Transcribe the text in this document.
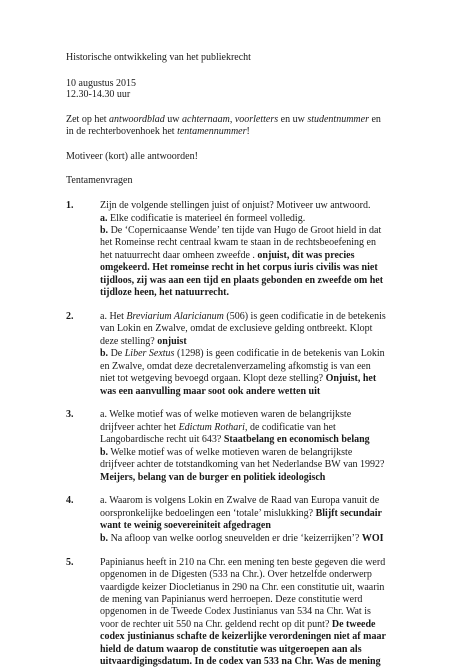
Historische ontwikkeling van het publiekrecht
10 augustus 2015
12.30-14.30 uur
Zet op het antwoordblad uw achternaam, voorletters en uw studentnummer en
in de rechterbovenhoek het tentamennummer!
Motiveer (kort) alle antwoorden!
Tentamenvragen
1.	Zijn de volgende stellingen juist of onjuist? Motiveer uw antwoord.
a. Elke codificatie is materieel én formeel volledig.
b. De ‘Copernicaanse Wende’ ten tijde van Hugo de Groot hield in dat
het Romeinse recht centraal kwam te staan in de rechtsbeoefening en
het natuurrecht daar omheen zweefde . onjuist, dit was precies
omgekeerd. Het romeinse recht in het corpus iuris civilis was niet
tijdloos, zij was aan een tijd en plaats gebonden en zweefde om het
tijdloze heen, het natuurrecht.
2.	a. Het Breviarium Alaricianum (506) is geen codificatie in de betekenis
van Lokin en Zwalve, omdat de exclusieve gelding ontbreekt. Klopt
deze stelling? onjuist
b. De Liber Sextus (1298) is geen codificatie in de betekenis van Lokin
en Zwalve, omdat deze decretalenverzameling afkomstig is van een
niet tot wetgeving bevoegd orgaan. Klopt deze stelling? Onjuist, het
was een aanvulling maar soot ook andere wetten uit
3.	a. Welke motief was of welke motieven waren de belangrijkste
drijfveer achter het Edictum Rothari, de codificatie van het
Langobardische recht uit 643? Staatbelang en economisch belang
b. Welke motief was of welke motieven waren de belangrijkste
drijfveer achter de totstandkoming van het Nederlandse BW van 1992?
Meijers, belang van de burger en politiek ideologisch
4.	a. Waarom is volgens Lokin en Zwalve de Raad van Europa vanuit de
oorspronkelijke bedoelingen een ‘totale’ mislukking? Blijft secundair
want te weinig soevereiniteit afgedragen
b. Na afloop van welke oorlog sneuvelden er drie ‘keizerrijken’? WOI
5.	Papinianus heeft in 210 na Chr. een mening ten beste gegeven die werd
opgenomen in de Digesten (533 na Chr.). Over hetzelfde onderwerp
vaardigde keizer Diocletianus in 290 na Chr. een constitutie uit, waarin
de mening van Papinianus werd herroepen. Deze constitutie werd
opgenomen in de Tweede Codex Justinianus van 534 na Chr. Wat is
voor de rechter uit 550 na Chr. geldend recht op dit punt? De tweede
codex justinianus schafte de keizerlijke verordeningen niet af maar
hield de datum waarop de constitutie was uitgeroepen aan als
uitvaardigingsdatum. In de codex van 533 na Chr. Was de mening
